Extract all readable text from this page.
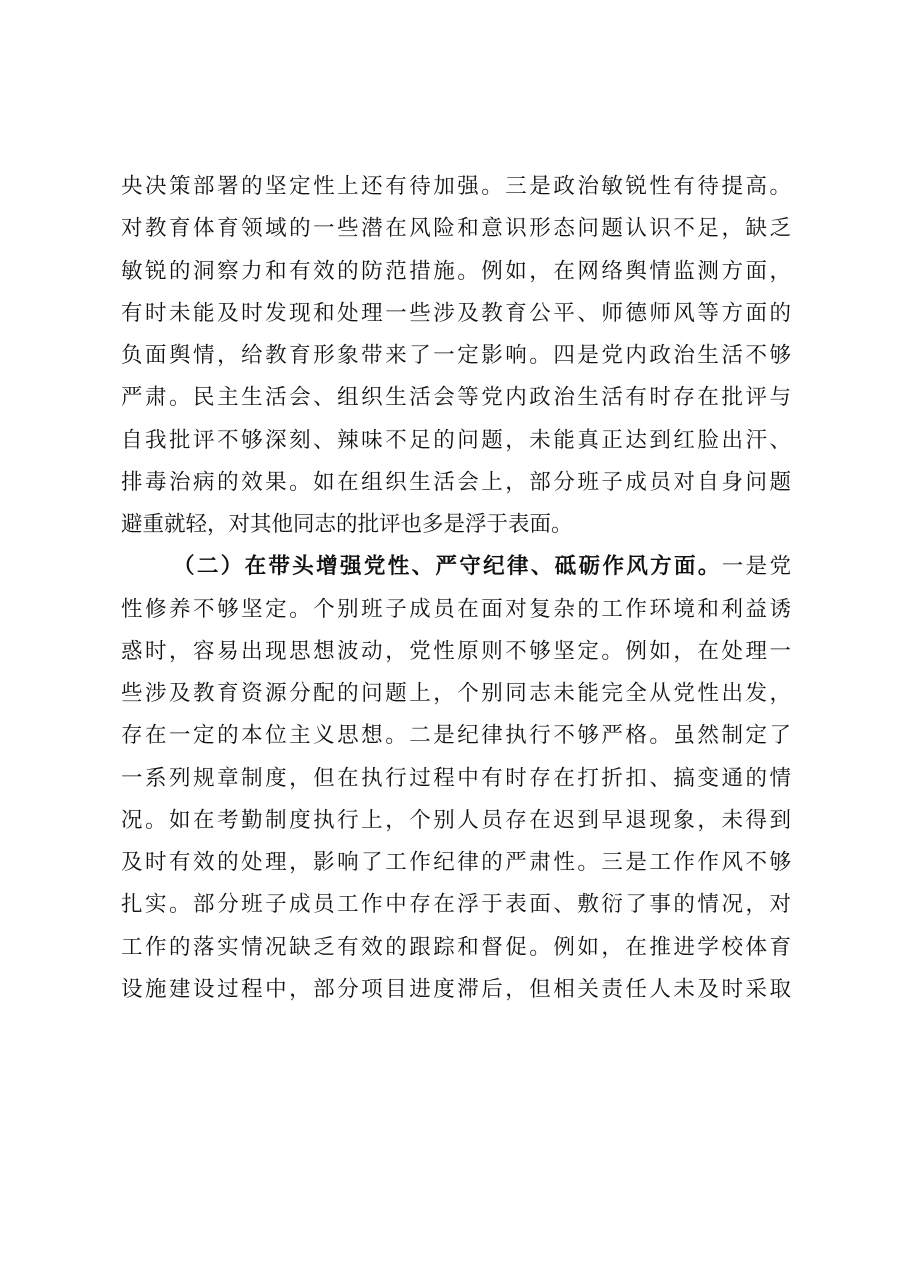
央决策部署的坚定性上还有待加强。三是政治敏锐性有待提高。
对教育体育领域的一些潜在风险和意识形态问题认识不足，缺乏
敏锐的洞察力和有效的防范措施。例如，在网络舆情监测方面，
有时未能及时发现和处理一些涉及教育公平、师德师风等方面的
负面舆情，给教育形象带来了一定影响。四是党内政治生活不够
严肃。民主生活会、组织生活会等党内政治生活有时存在批评与
自我批评不够深刻、辣味不足的问题，未能真正达到红脸出汗、
排毒治病的效果。如在组织生活会上，部分班子成员对自身问题
避重就轻，对其他同志的批评也多是浮于表面。
（二）在带头增强党性、严守纪律、砥砺作风方面。一是党
性修养不够坚定。个别班子成员在面对复杂的工作环境和利益诱
惑时，容易出现思想波动，党性原则不够坚定。例如，在处理一
些涉及教育资源分配的问题上，个别同志未能完全从党性出发，
存在一定的本位主义思想。二是纪律执行不够严格。虽然制定了
一系列规章制度，但在执行过程中有时存在打折扣、搞变通的情
况。如在考勤制度执行上，个别人员存在迟到早退现象，未得到
及时有效的处理，影响了工作纪律的严肃性。三是工作作风不够
扎实。部分班子成员工作中存在浮于表面、敷衍了事的情况，对
工作的落实情况缺乏有效的跟踪和督促。例如，在推进学校体育
设施建设过程中，部分项目进度滞后，但相关责任人未及时采取
